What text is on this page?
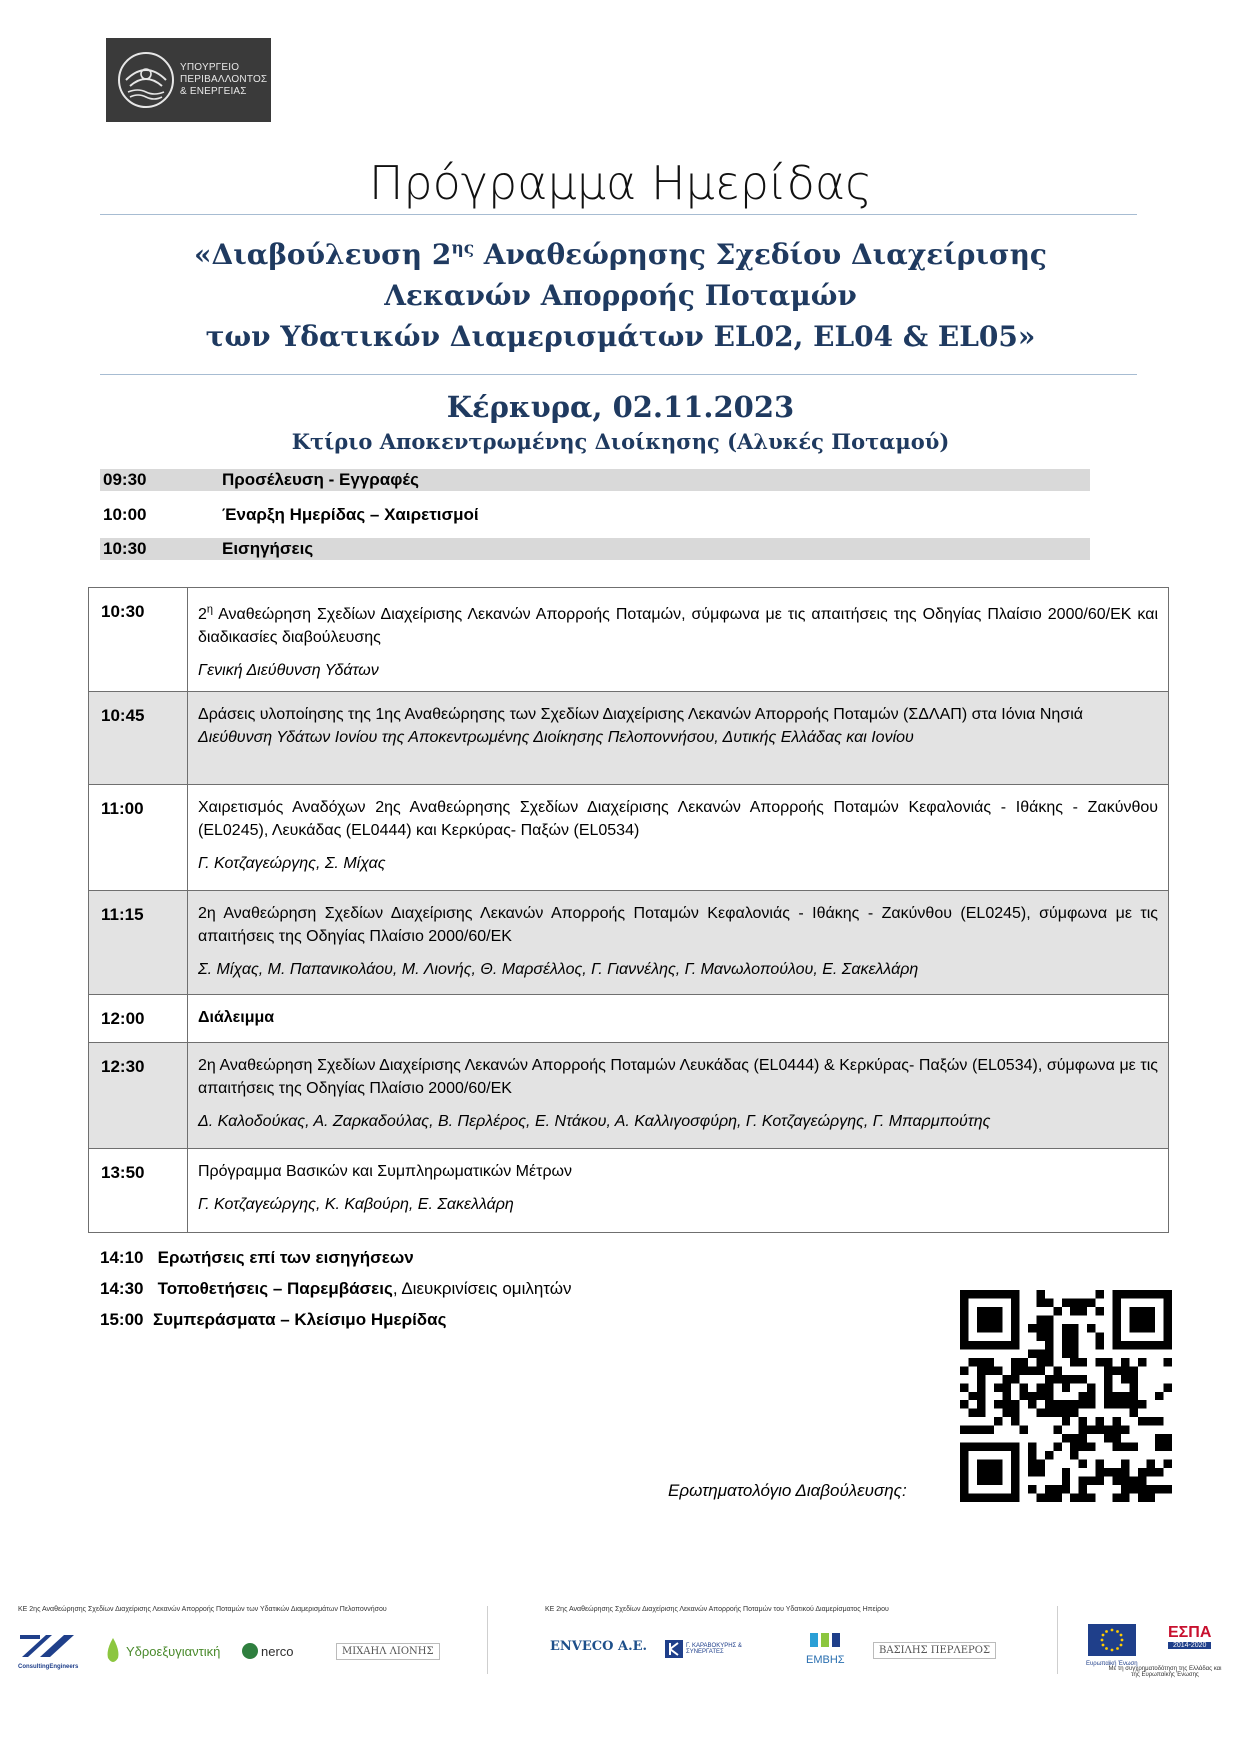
ΥΠΟΥΡΓΕΙΟ
ΠΕΡΙΒΑΛΛΟΝΤΟΣ
& ΕΝΕΡΓΕΙΑΣ
Πρόγραμμα Ημερίδας
«Διαβούλευση $2^{\eta\varsigma}$ Αναθεώρησης Σχεδίου Διαχείρισης
Λεκανών Απορροής Ποταμών
των Υδατικών Διαμερισμάτων EL02, EL04 & EL05»
Κέρκυρα, 02.11.2023
Κτίριο Αποκεντρωμένης Διοίκησης (Αλυκές Ποταμού)
09:30	Προσέλευση - Εγγραφές
10:00	Έναρξη Ημερίδας – Χαιρετισμοί
10:30	Εισηγήσεις
10:30	$2^\eta$ Αναθεώρηση Σχεδίων Διαχείρισης Λεκανών Απορροής Ποταμών, σύμφωνα με τις απαιτήσεις της Οδηγίας Πλαίσιο 2000/60/ΕΚ και διαδικασίες διαβούλευσης
Γενική Διεύθυνση Υδάτων

10:45	Δράσεις υλοποίησης της 1ης Αναθεώρησης των Σχεδίων Διαχείρισης Λεκανών Απορροής Ποταμών (ΣΔΛΑΠ) στα Ιόνια Νησιά
Διεύθυνση Υδάτων Ιονίου της Αποκεντρωμένης Διοίκησης Πελοποννήσου, Δυτικής Ελλάδας και Ιονίου

11:00	Χαιρετισμός Αναδόχων 2ης Αναθεώρησης Σχεδίων Διαχείρισης Λεκανών Απορροής Ποταμών Κεφαλονιάς - Ιθάκης - Ζακύνθου (EL0245), Λευκάδας (EL0444) και Κερκύρας- Παξών (EL0534)
Γ. Κοτζαγεώργης, Σ. Μίχας

11:15	2η Αναθεώρηση Σχεδίων Διαχείρισης Λεκανών Απορροής Ποταμών Κεφαλονιάς - Ιθάκης - Ζακύνθου (EL0245), σύμφωνα με τις απαιτήσεις της Οδηγίας Πλαίσιο 2000/60/ΕΚ
Σ. Μίχας, Μ. Παπανικολάου, Μ. Λιονής, Θ. Μαρσέλλος, Γ. Γιαννέλης, Γ. Μανωλοπούλου, Ε. Σακελλάρη

12:00	Διάλειμμα
12:30	2η Αναθεώρηση Σχεδίων Διαχείρισης Λεκανών Απορροής Ποταμών Λευκάδας (EL0444) & Κερκύρας- Παξών (EL0534), σύμφωνα με τις απαιτήσεις της Οδηγίας Πλαίσιο 2000/60/ΕΚ
Δ. Καλοδούκας, Α. Ζαρκαδούλας, Β. Περλέρος, Ε. Ντάκου, Α. Καλλιγοσφύρη, Γ. Κοτζαγεώργης, Γ. Μπαρμπούτης

13:50	Πρόγραμμα Βασικών και Συμπληρωματικών Μέτρων
Γ. Κοτζαγεώργης, Κ. Καβούρη, Ε. Σακελλάρη
14:10 Ερωτήσεις επί των εισηγήσεων
14:30 Τοποθετήσεις – Παρεμβάσεις, Διευκρινίσεις ομιλητών
15:00 Συμπεράσματα – Κλείσιμο Ημερίδας
Ερωτηματολόγιο Διαβούλευσης:
ΚΕ 2ης Αναθεώρησης Σχεδίων Διαχείρισης Λεκανών Απορροής Ποταμών των Υδατικών Διαμερισμάτων Πελοποννήσου	ΚΕ 2ης Αναθεώρησης Σχεδίων Διαχείρισης Λεκανών Απορροής Ποταμών του Υδατικού Διαμερίσματος Ηπείρου
ConsultingEngineers
Υδροεξυγιαντική	nerco	ΜΙΧΑΗΛ ΛΙΟΝΗΣ	ENVECO A.E.	Γ. ΚΑΡΑΒΟΚΥΡΗΣ & ΣΥΝΕΡΓΑΤΕΣ
ΕΜΒΗΣ
ΒΑΣΙΛΗΣ ΠΕΡΛΕΡΟΣ
Ευρωπαϊκή Ένωση
ΕΣΠΑ
2014-2020
Με τη συγχρηματοδότηση της Ελλάδας και της Ευρωπαϊκής Ένωσης
